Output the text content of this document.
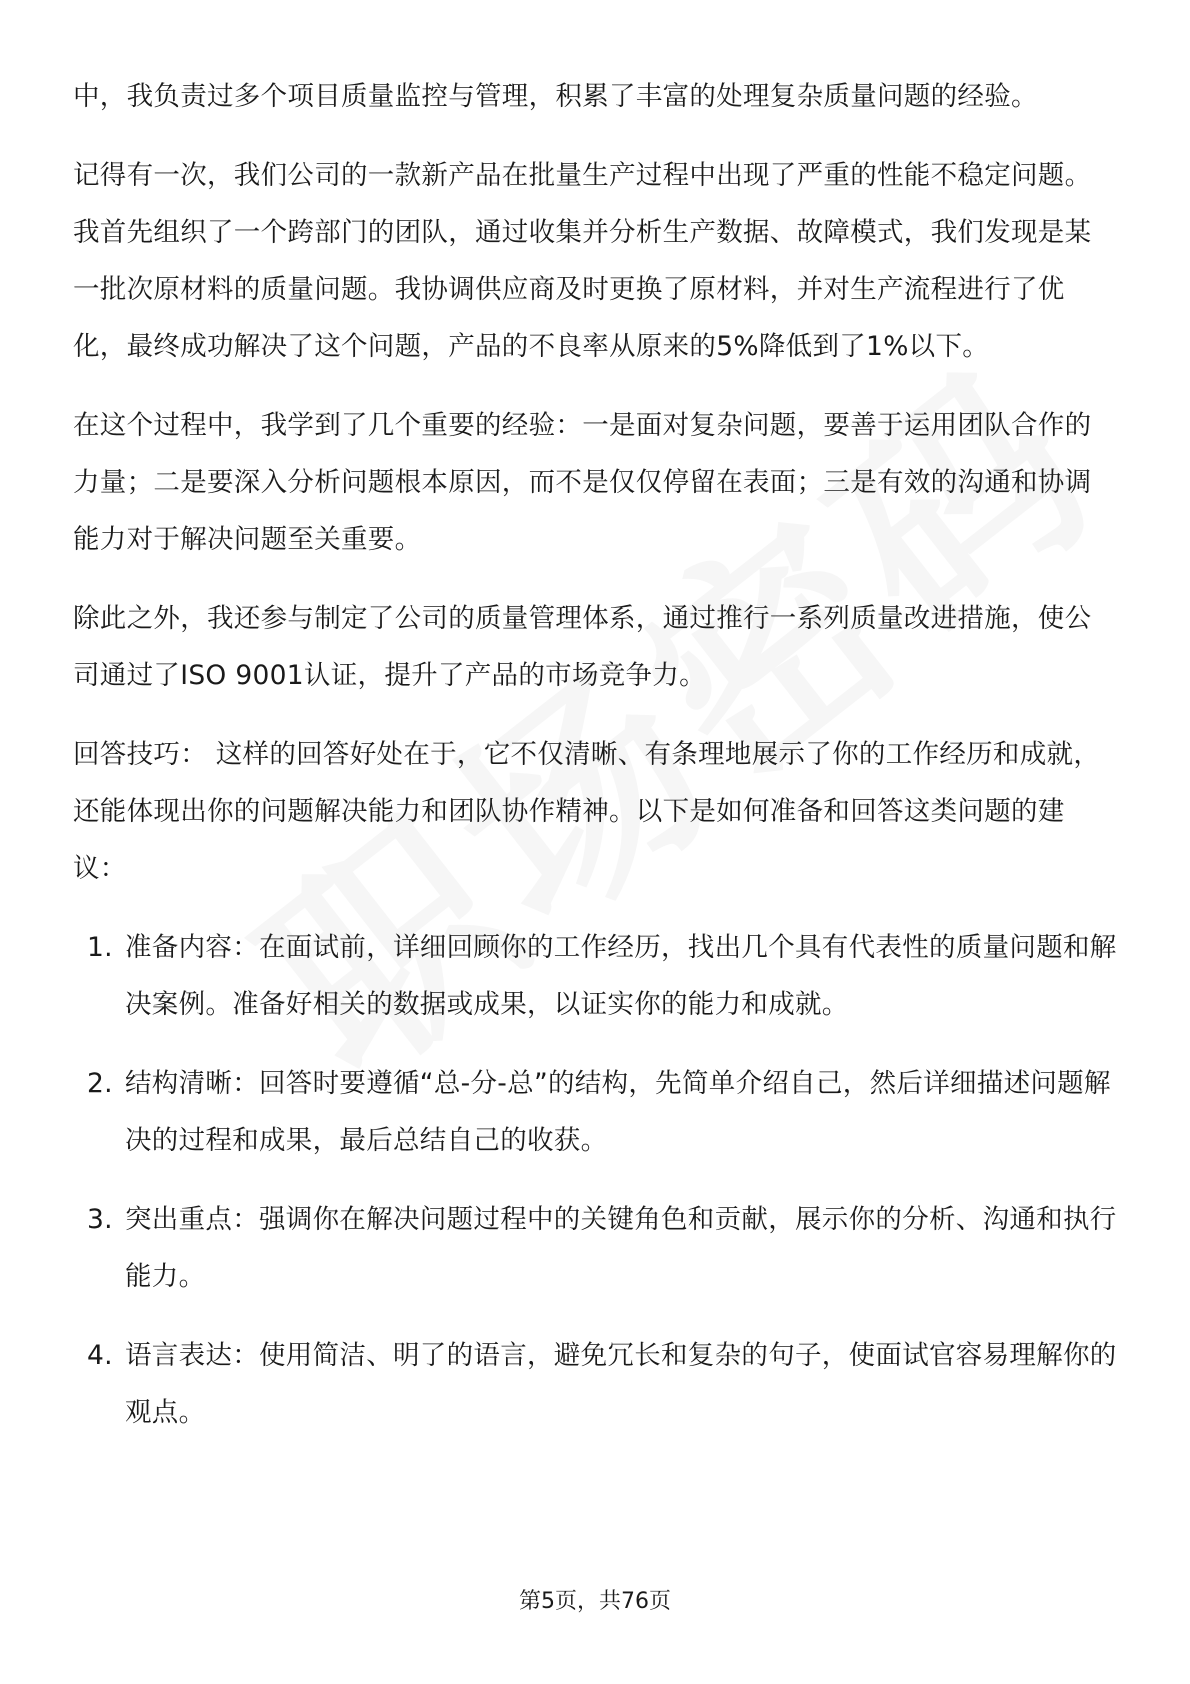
中，我负责过多个项目质量监控与管理，积累了丰富的处理复杂质量问题的经验。

记得有一次，我们公司的一款新产品在批量生产过程中出现了严重的性能不稳定问题。我首先组织了一个跨部门的团队，通过收集并分析生产数据、故障模式，我们发现是某一批次原材料的质量问题。我协调供应商及时更换了原材料，并对生产流程进行了优化，最终成功解决了这个问题，产品的不良率从原来的5%降低到了1%以下。

在这个过程中，我学到了几个重要的经验：一是面对复杂问题，要善于运用团队合作的力量；二是要深入分析问题根本原因，而不是仅仅停留在表面；三是有效的沟通和协调能力对于解决问题至关重要。

除此之外，我还参与制定了公司的质量管理体系，通过推行一系列质量改进措施，使公司通过了ISO 9001认证，提升了产品的市场竞争力。

回答技巧： 这样的回答好处在于，它不仅清晰、有条理地展示了你的工作经历和成就，还能体现出你的问题解决能力和团队协作精神。以下是如何准备和回答这类问题的建议：

1. 准备内容：在面试前，详细回顾你的工作经历，找出几个具有代表性的质量问题和解决案例。准备好相关的数据或成果，以证实你的能力和成就。
2. 结构清晰：回答时要遵循“总-分-总”的结构，先简单介绍自己，然后详细描述问题解决的过程和成果，最后总结自己的收获。
3. 突出重点：强调你在解决问题过程中的关键角色和贡献，展示你的分析、沟通和执行能力。
4. 语言表达：使用简洁、明了的语言，避免冗长和复杂的句子，使面试官容易理解你的观点。
第5页，共76页
